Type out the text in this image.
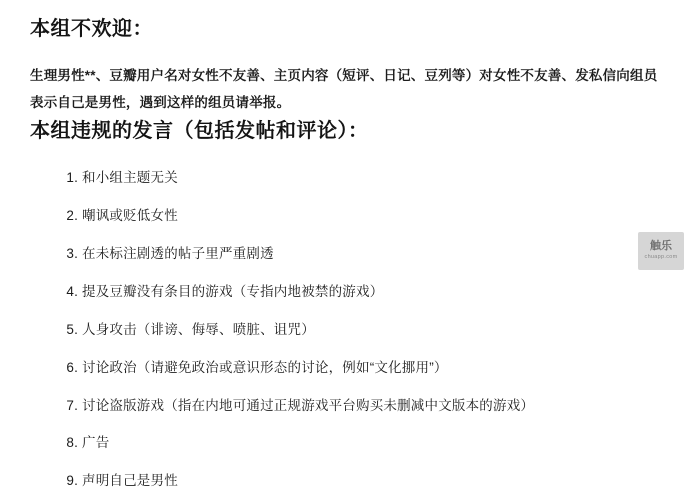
本组不欢迎：

生理男性**、豆瓣用户名对女性不友善、主页内容（短评、日记、豆列等）对女性不友善、发私信向组员表示自己是男性，遇到这样的组员请举报。

本组违规的发言（包括发帖和评论）：
1. 和小组主题无关
2. 嘲讽或贬低女性
3. 在未标注剧透的帖子里严重剧透
4. 提及豆瓣没有条目的游戏（专指内地被禁的游戏）
5. 人身攻击（诽谤、侮辱、喷脏、诅咒）
6. 讨论政治（请避免政治或意识形态的讨论，例如“文化挪用”）
7. 讨论盗版游戏（指在内地可通过正规游戏平台购买未删减中文版本的游戏）
8. 广告
9. 声明自己是男性
触乐
chuapp.com
